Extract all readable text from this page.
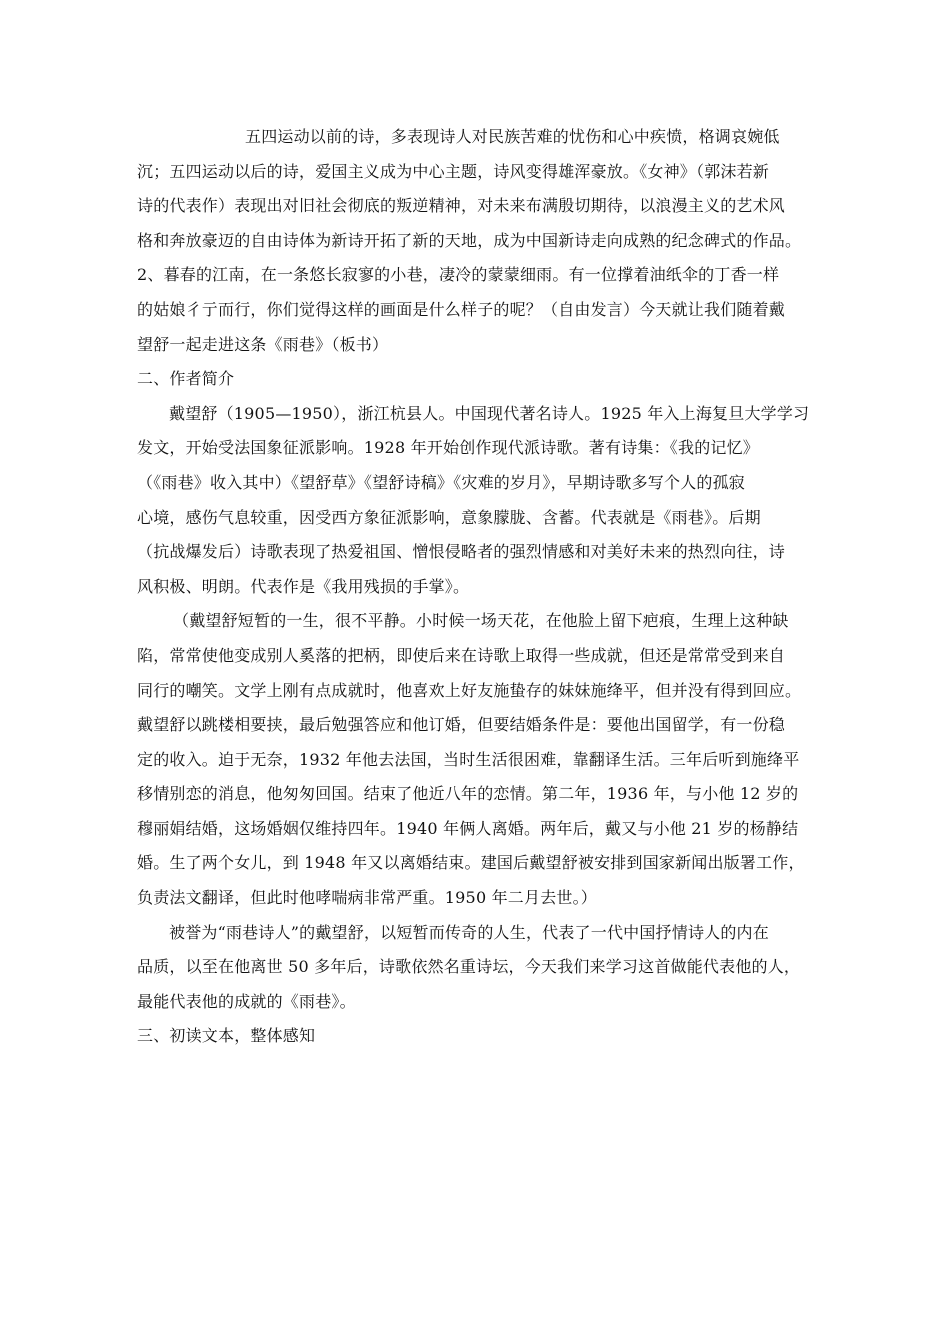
五四运动以前的诗，多表现诗人对民族苦难的忧伤和心中疾愤，格调哀婉低
沉；五四运动以后的诗，爱国主义成为中心主题，诗风变得雄浑豪放。《女神》（郭沫若新
诗的代表作）表现出对旧社会彻底的叛逆精神，对未来布满殷切期待，以浪漫主义的艺术风
格和奔放豪迈的自由诗体为新诗开拓了新的天地，成为中国新诗走向成熟的纪念碑式的作品。
2、暮春的江南，在一条悠长寂寥的小巷，凄冷的蒙蒙细雨。有一位撑着油纸伞的丁香一样
的姑娘彳亍而行，你们觉得这样的画面是什么样子的呢？（自由发言）今天就让我们随着戴
望舒一起走进这条《雨巷》（板书）
二、作者简介
戴望舒（1905—1950），浙江杭县人。中国现代著名诗人。1925 年入上海复旦大学学习
发文，开始受法国象征派影响。1928 年开始创作现代派诗歌。著有诗集：《我的记忆》
（《雨巷》收入其中）《望舒草》《望舒诗稿》《灾难的岁月》，早期诗歌多写个人的孤寂
心境，感伤气息较重，因受西方象征派影响，意象朦胧、含蓄。代表就是《雨巷》。后期
（抗战爆发后）诗歌表现了热爱祖国、憎恨侵略者的强烈情感和对美好未来的热烈向往，诗
风积极、明朗。代表作是《我用残损的手掌》。
（戴望舒短暂的一生，很不平静。小时候一场天花，在他脸上留下疤痕，生理上这种缺
陷，常常使他变成别人奚落的把柄，即使后来在诗歌上取得一些成就，但还是常常受到来自
同行的嘲笑。文学上刚有点成就时，他喜欢上好友施蛰存的妹妹施绛平，但并没有得到回应。
戴望舒以跳楼相要挟，最后勉强答应和他订婚，但要结婚条件是：要他出国留学，有一份稳
定的收入。迫于无奈，1932 年他去法国，当时生活很困难，靠翻译生活。三年后听到施绛平
移情别恋的消息，他匆匆回国。结束了他近八年的恋情。第二年，1936 年，与小他 12 岁的
穆丽娟结婚，这场婚姻仅维持四年。1940 年俩人离婚。两年后，戴又与小他 21 岁的杨静结
婚。生了两个女儿，到 1948 年又以离婚结束。建国后戴望舒被安排到国家新闻出版署工作，
负责法文翻译，但此时他哮喘病非常严重。1950 年二月去世。）
被誉为“雨巷诗人”的戴望舒，以短暂而传奇的人生，代表了一代中国抒情诗人的内在
品质，以至在他离世 50 多年后，诗歌依然名重诗坛，今天我们来学习这首做能代表他的人，
最能代表他的成就的《雨巷》。
三、初读文本，整体感知
